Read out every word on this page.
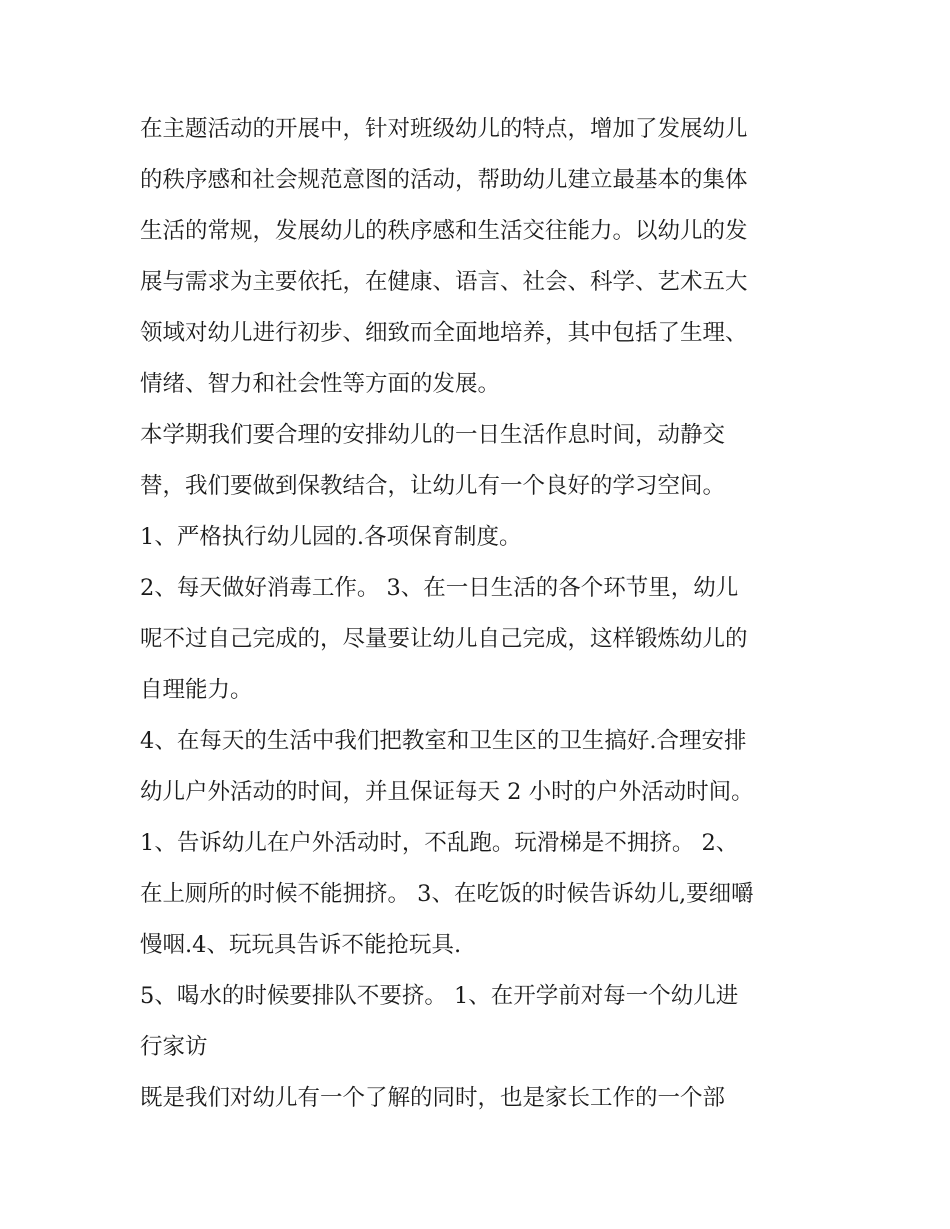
在主题活动的开展中，针对班级幼儿的特点，增加了发展幼儿
的秩序感和社会规范意图的活动，帮助幼儿建立最基本的集体
生活的常规，发展幼儿的秩序感和生活交往能力。以幼儿的发
展与需求为主要依托，在健康、语言、社会、科学、艺术五大
领域对幼儿进行初步、细致而全面地培养，其中包括了生理、
情绪、智力和社会性等方面的发展。
本学期我们要合理的安排幼儿的一日生活作息时间，动静交
替，我们要做到保教结合，让幼儿有一个良好的学习空间。
1、严格执行幼儿园的.各项保育制度。
2、每天做好消毒工作。 3、在一日生活的各个环节里，幼儿
呢不过自己完成的，尽量要让幼儿自己完成，这样锻炼幼儿的
自理能力。
4、在每天的生活中我们把教室和卫生区的卫生搞好.合理安排
幼儿户外活动的时间，并且保证每天 2 小时的户外活动时间。
1、告诉幼儿在户外活动时，不乱跑。玩滑梯是不拥挤。 2、
在上厕所的时候不能拥挤。 3、在吃饭的时候告诉幼儿,要细嚼
慢咽.4、玩玩具告诉不能抢玩具.
5、喝水的时候要排队不要挤。 1、在开学前对每一个幼儿进
行家访
既是我们对幼儿有一个了解的同时，也是家长工作的一个部
